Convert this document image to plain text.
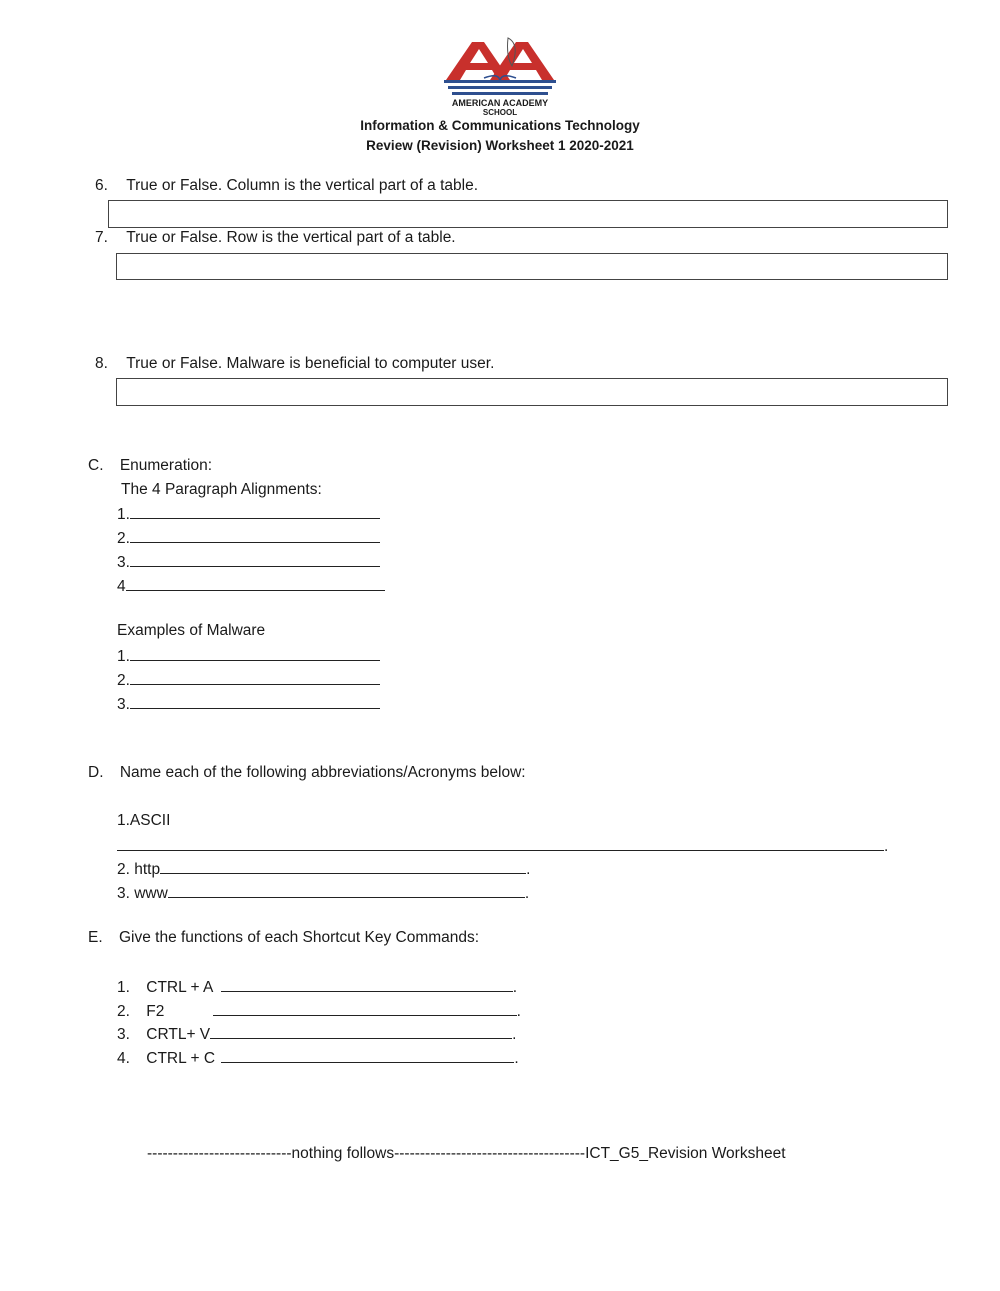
AMERICAN ACADEMY
SCHOOL
Information & Communications Technology
Review (Revision) Worksheet 1 2020-2021
6. True or False. Column is the vertical part of a table.
7. True or False. Row is the vertical part of a table.
8. True or False. Malware is beneficial to computer user.
C. Enumeration:
The 4 Paragraph Alignments:
1.
2.
3.
4
Examples of Malware
1.
2.
3.
D. Name each of the following abbreviations/Acronyms below:
1.ASCII
.
2. http	.
3. www	.
E. Give the functions of each Shortcut Key Commands:
1. CTRL + A	.
2. F2	.
3. CRTL+ V	.
4. CTRL + C	.
----------------------------nothing follows-------------------------------------ICT_G5_Revision Worksheet
